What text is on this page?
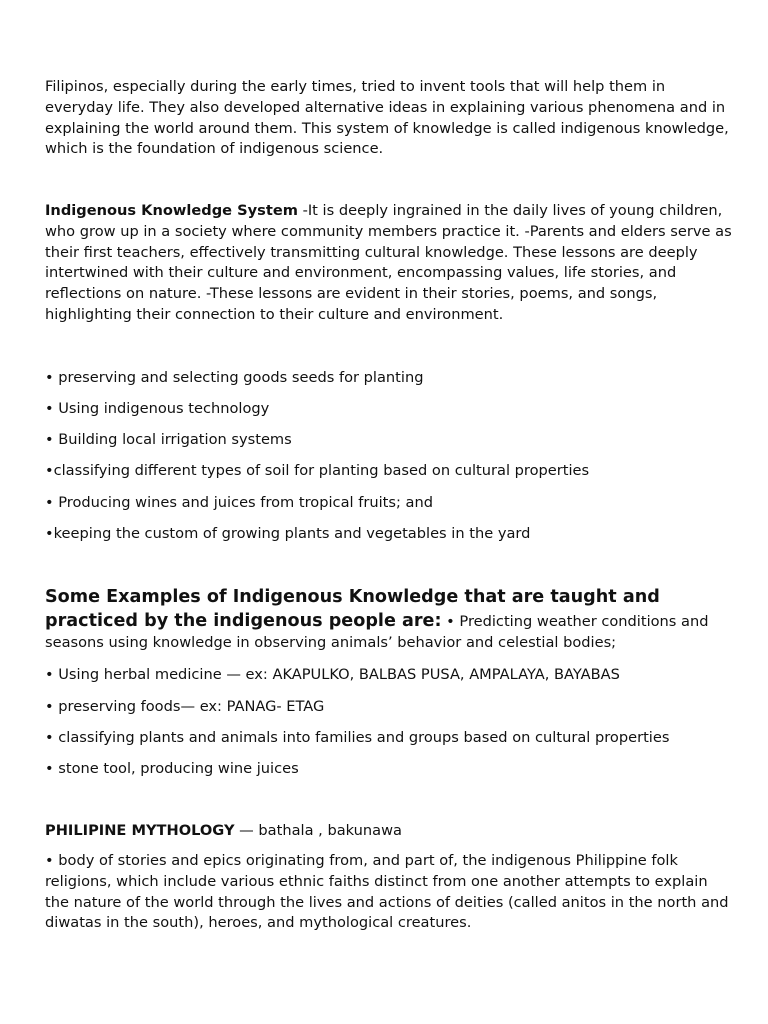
Filipinos, especially during the early times, tried to invent tools that will help them in everyday life. They also developed alternative ideas in explaining various phenomena and in explaining the world around them. This system of knowledge is called indigenous knowledge, which is the foundation of indigenous science.

Indigenous Knowledge System -It is deeply ingrained in the daily lives of young children, who grow up in a society where community members practice it. -Parents and elders serve as their first teachers, effectively transmitting cultural knowledge. These lessons are deeply intertwined with their culture and environment, encompassing values, life stories, and reflections on nature. -These lessons are evident in their stories, poems, and songs, highlighting their connection to their culture and environment.

• preserving and selecting goods seeds for planting

• Using indigenous technology

• Building local irrigation systems

•classifying different types of soil for planting based on cultural properties

• Producing wines and juices from tropical fruits; and

•keeping the custom of growing plants and vegetables in the yard

Some Examples of Indigenous Knowledge that are taught and practiced by the indigenous people are: • Predicting weather conditions and seasons using knowledge in observing animals’ behavior and celestial bodies;

• Using herbal medicine — ex: AKAPULKO, BALBAS PUSA, AMPALAYA, BAYABAS

• preserving foods— ex: PANAG- ETAG

• classifying plants and animals into families and groups based on cultural properties

• stone tool, producing wine juices

PHILIPINE MYTHOLOGY — bathala , bakunawa

• body of stories and epics originating from, and part of, the indigenous Philippine folk religions, which include various ethnic faiths distinct from one another attempts to explain the nature of the world through the lives and actions of deities (called anitos in the north and diwatas in the south), heroes, and mythological creatures.
